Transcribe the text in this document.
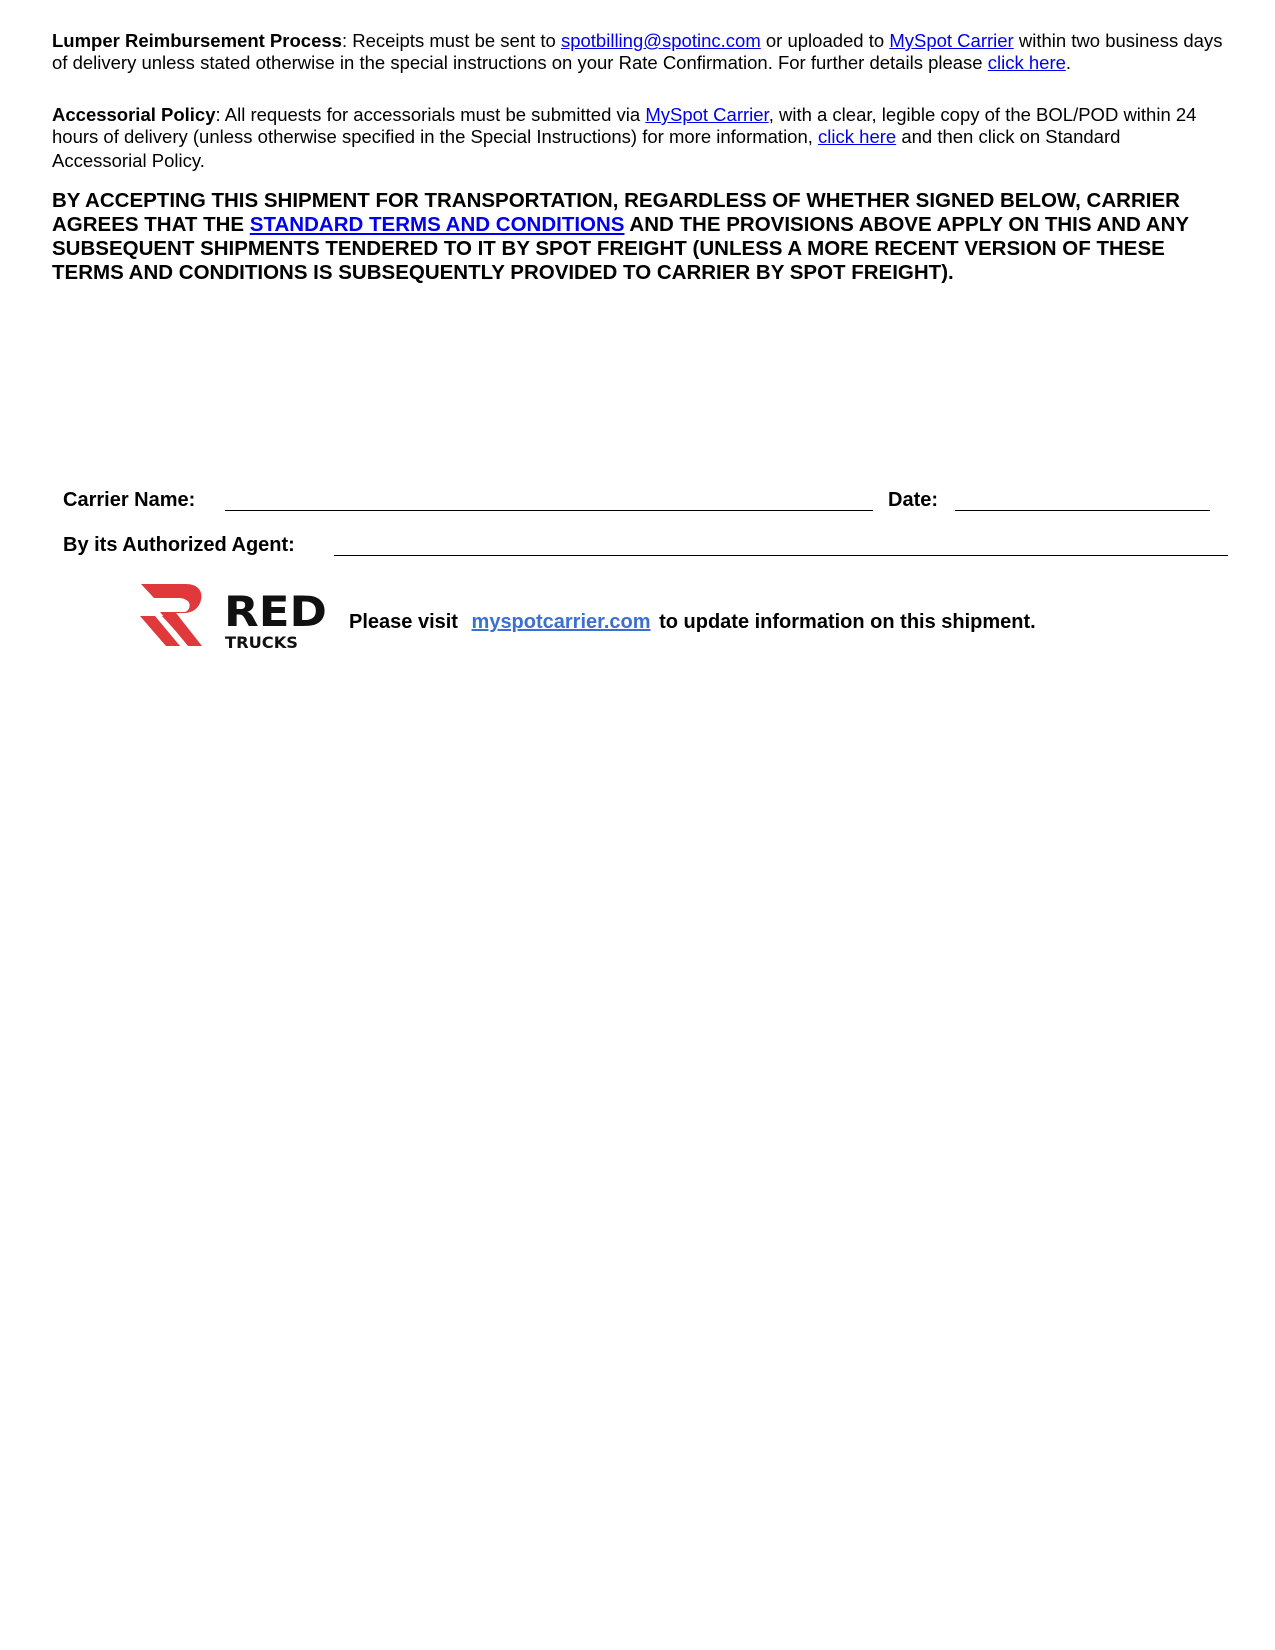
Lumper Reimbursement Process: Receipts must be sent to spotbilling@spotinc.com or uploaded to MySpot Carrier within two business days of delivery unless stated otherwise in the special instructions on your Rate Confirmation. For further details please click here.
Accessorial Policy: All requests for accessorials must be submitted via MySpot Carrier, with a clear, legible copy of the BOL/POD within 24 hours of delivery (unless otherwise specified in the Special Instructions) for more information, click here and then click on Standard
Accessorial Policy.
BY ACCEPTING THIS SHIPMENT FOR TRANSPORTATION, REGARDLESS OF WHETHER SIGNED BELOW, CARRIER AGREES THAT THE STANDARD TERMS AND CONDITIONS AND THE PROVISIONS ABOVE APPLY ON THIS AND ANY SUBSEQUENT SHIPMENTS TENDERED TO IT BY SPOT FREIGHT (UNLESS A MORE RECENT VERSION OF THESE TERMS AND CONDITIONS IS SUBSEQUENTLY PROVIDED TO CARRIER BY SPOT FREIGHT).
Carrier Name:	Date:
By its Authorized Agent:
RED
TRUCKS
Please visit myspotcarrier.com to update information on this shipment.
